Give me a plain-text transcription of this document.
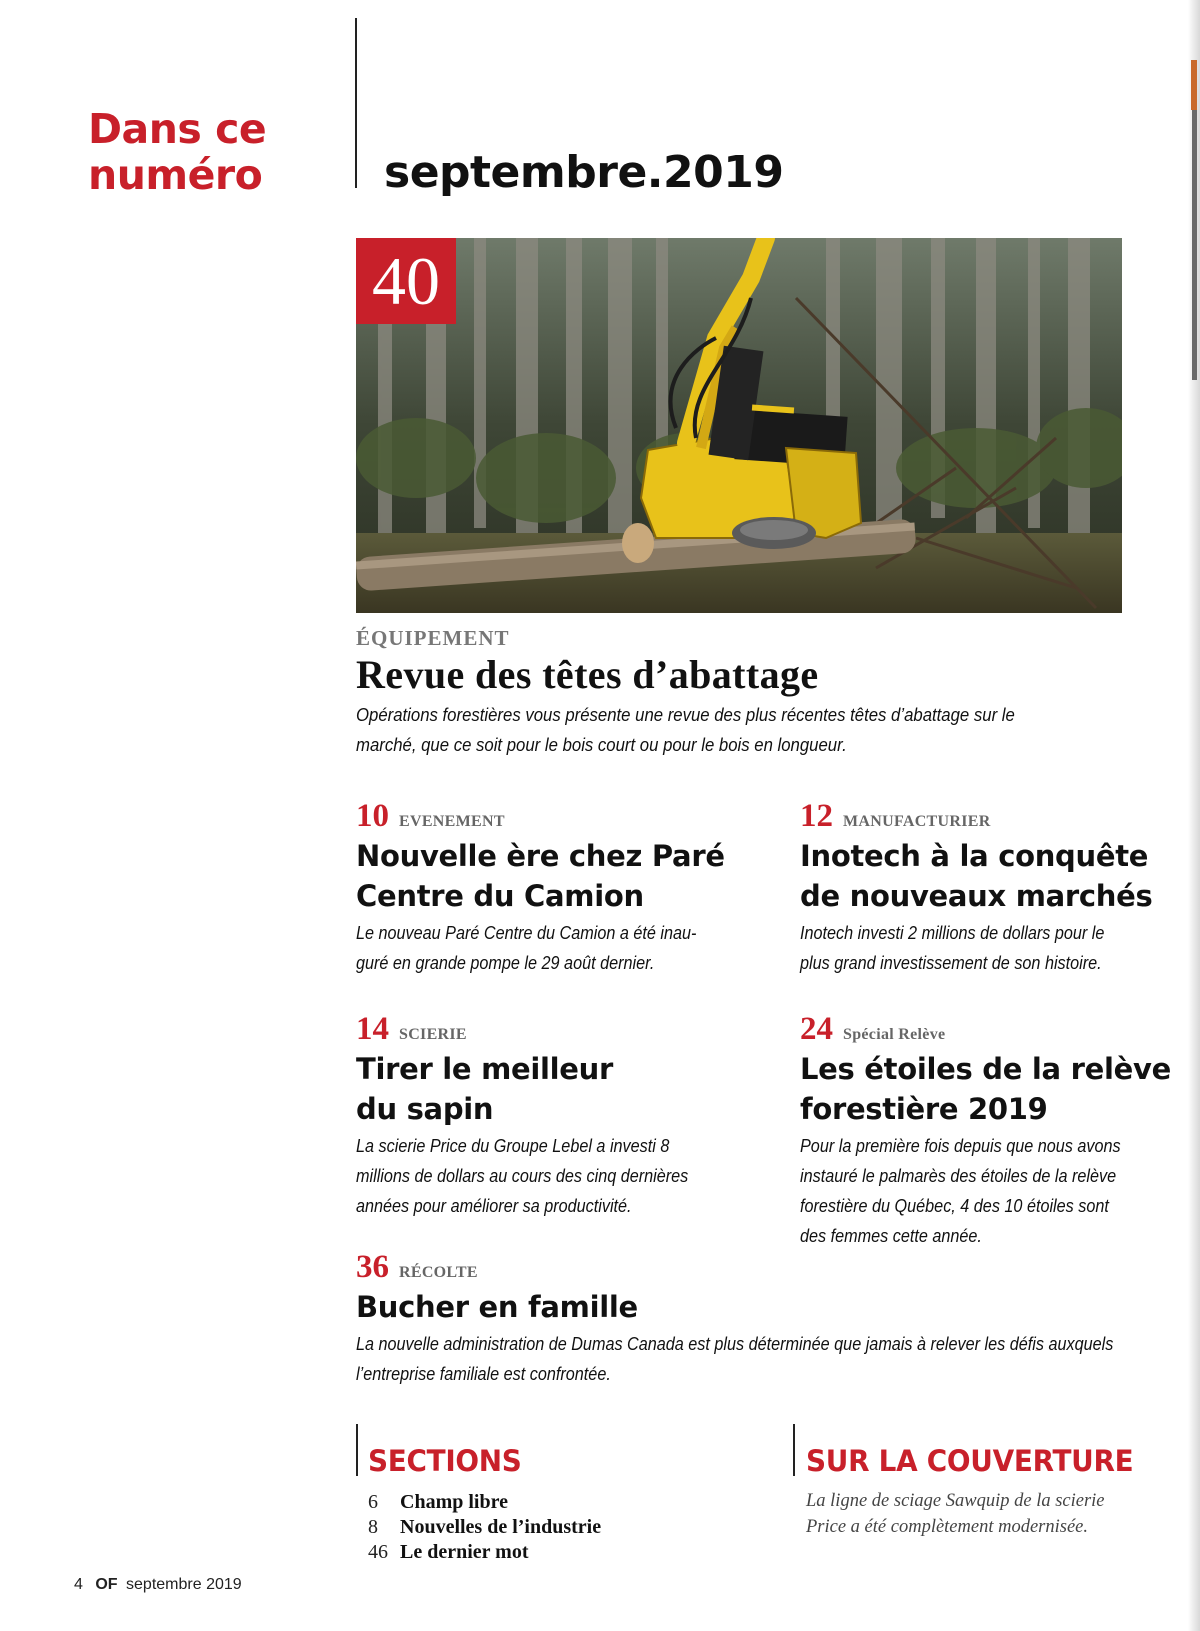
Dans ce
numéro	septembre.2019
40
ÉQUIPEMENT
Revue des têtes d’abattage
Opérations forestières vous présente une revue des plus récentes têtes d’abattage sur le marché, que ce soit pour le bois court ou pour le bois en longueur.
10 EVENEMENT
Nouvelle ère chez Paré
Centre du Camion
Le nouveau Paré Centre du Camion a été inau-
guré en grande pompe le 29 août dernier.
12 MANUFACTURIER
Inotech à la conquête
de nouveaux marchés
Inotech investi 2 millions de dollars pour le
plus grand investissement de son histoire.
14 SCIERIE
Tirer le meilleur
du sapin
La scierie Price du Groupe Lebel a investi 8
millions de dollars au cours des cinq dernières
années pour améliorer sa productivité.
24 Spécial Relève
Les étoiles de la relève
forestière 2019
Pour la première fois depuis que nous avons
instauré le palmarès des étoiles de la relève
forestière du Québec, 4 des 10 étoiles sont
des femmes cette année.
36 RÉCOLTE
Bucher en famille
La nouvelle administration de Dumas Canada est plus déterminée que jamais à relever les défis auxquels
l’entreprise familiale est confrontée.
SECTIONS
6	Champ libre
8	Nouvelles de l’industrie
46 Le dernier mot
SUR LA COUVERTURE
La ligne de sciage Sawquip de la scierie
Price a été complètement modernisée.
4 OF septembre 2019
